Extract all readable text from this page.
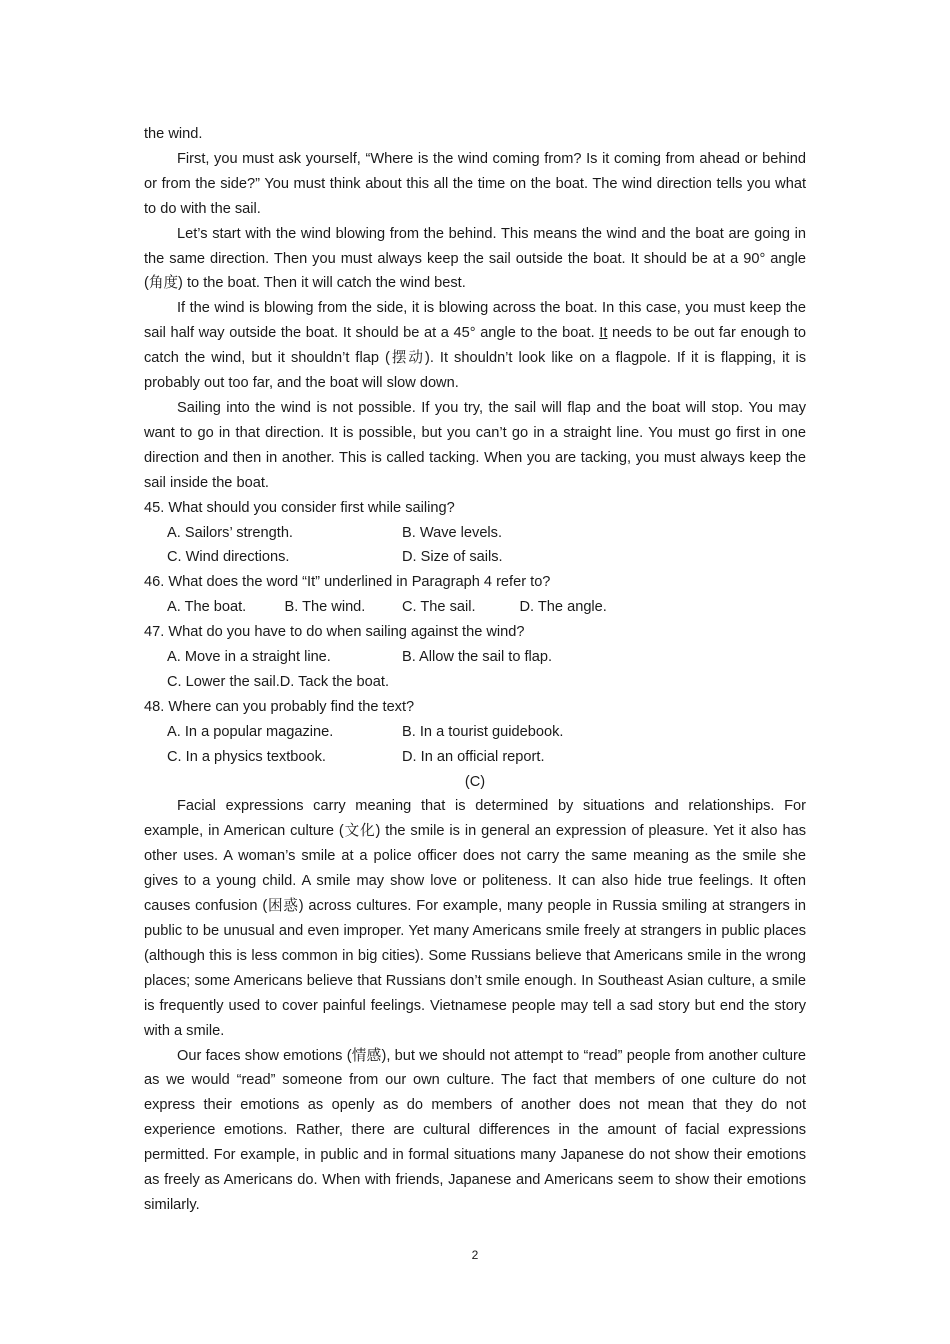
the wind.

First, you must ask yourself, “Where is the wind coming from? Is it coming from ahead or behind or from the side?” You must think about this all the time on the boat. The wind direction tells you what to do with the sail.

Let’s start with the wind blowing from the behind. This means the wind and the boat are going in the same direction. Then you must always keep the sail outside the boat. It should be at a 90° angle (角度) to the boat. Then it will catch the wind best.

If the wind is blowing from the side, it is blowing across the boat. In this case, you must keep the sail half way outside the boat. It should be at a 45° angle to the boat. It needs to be out far enough to catch the wind, but it shouldn’t flap (摆动). It shouldn’t look like on a flagpole. If it is flapping, it is probably out too far, and the boat will slow down.

Sailing into the wind is not possible. If you try, the sail will flap and the boat will stop. You may want to go in that direction. It is possible, but you can’t go in a straight line. You must go first in one direction and then in another. This is called tacking. When you are tacking, you must always keep the sail inside the boat.

45. What should you consider first while sailing?

A. Sailors’ strength.	B. Wave levels.
C. Wind directions.	D. Size of sails.

46. What does the word “It” underlined in Paragraph 4 refer to?

A. The boat.	B. The wind.	C. The sail.	D. The angle.

47. What do you have to do when sailing against the wind?

A. Move in a straight line.	B. Allow the sail to flap.
C. Lower the sail. D. Tack the boat.

48. Where can you probably find the text?

A. In a popular magazine.	B. In a tourist guidebook.
C. In a physics textbook.	D. In an official report.

(C)

Facial expressions carry meaning that is determined by situations and relationships. For example, in American culture (文化) the smile is in general an expression of pleasure. Yet it also has other uses. A woman’s smile at a police officer does not carry the same meaning as the smile she gives to a young child. A smile may show love or politeness. It can also hide true feelings. It often causes confusion (困惑) across cultures. For example, many people in Russia smiling at strangers in public to be unusual and even improper. Yet many Americans smile freely at strangers in public places (although this is less common in big cities). Some Russians believe that Americans smile in the wrong places; some Americans believe that Russians don’t smile enough. In Southeast Asian culture, a smile is frequently used to cover painful feelings. Vietnamese people may tell a sad story but end the story with a smile.

Our faces show emotions (情感), but we should not attempt to “read” people from another culture as we would “read” someone from our own culture. The fact that members of one culture do not express their emotions as openly as do members of another does not mean that they do not experience emotions. Rather, there are cultural differences in the amount of facial expressions permitted. For example, in public and in formal situations many Japanese do not show their emotions as freely as Americans do. When with friends, Japanese and Americans seem to show their emotions similarly.

2
